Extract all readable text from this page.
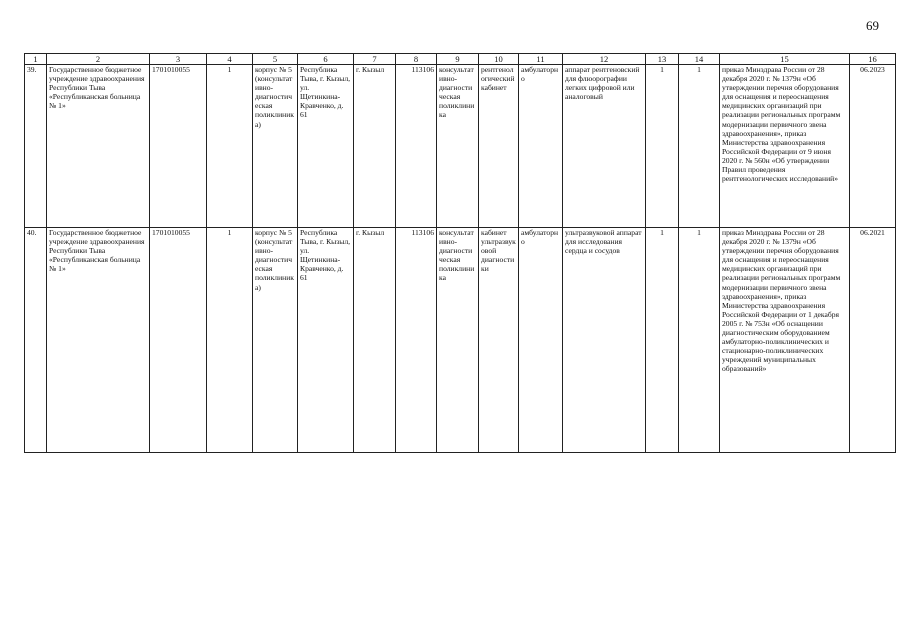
69
1	2	3	4	5	6	7	8	9	10	11	12	13	14	15	16
39.	Государственное бюджетное учреждение здравоохранения Республики Тыва «Республиканская больница № 1»	1701010055	1	корпус № 5 (консультативно-диагностическая поликлиника)	Республика Тыва, г. Кызыл, ул. Щетинкина-Кравченко, д. 61	г. Кызыл	113106	консультативно-диагностическая поликлиника	рентгенологический кабинет	амбулаторно	аппарат рентгеновский для флюорографии легких цифровой или аналоговый	1	1	приказ Минздрава России от 28 декабря 2020 г. № 1379н «Об утверждении перечня оборудования для оснащения и переоснащения медицинских организаций при реализации региональных программ модернизации первичного звена здравоохранения», приказ Министерства здравоохранения Российской Федерации от 9 июня 2020 г. № 560н «Об утверждении Правил проведения рентгенологических исследований»	06.2023
40.	Государственное бюджетное учреждение здравоохранения Республики Тыва «Республиканская больница № 1»	1701010055	1	корпус № 5 (консультативно-диагностическая поликлиника)	Республика Тыва, г. Кызыл, ул. Щетинкина-Кравченко, д. 61	г. Кызыл	113106	консультативно-диагностическая поликлиника	кабинет ультразвуковой диагностики	амбулаторно	ультразвуковой аппарат для исследования сердца и сосудов	1	1	приказ Минздрава России от 28 декабря 2020 г. № 1379н «Об утверждении перечня оборудования для оснащения и переоснащения медицинских организаций при реализации региональных программ модернизации первичного звена здравоохранения», приказ Министерства здравоохранения Российской Федерации от 1 декабря 2005 г. № 753н «Об оснащении диагностическим оборудованием амбулаторно-поликлинических и стационарно-поликлинических учреждений муниципальных образований»	06.2021
